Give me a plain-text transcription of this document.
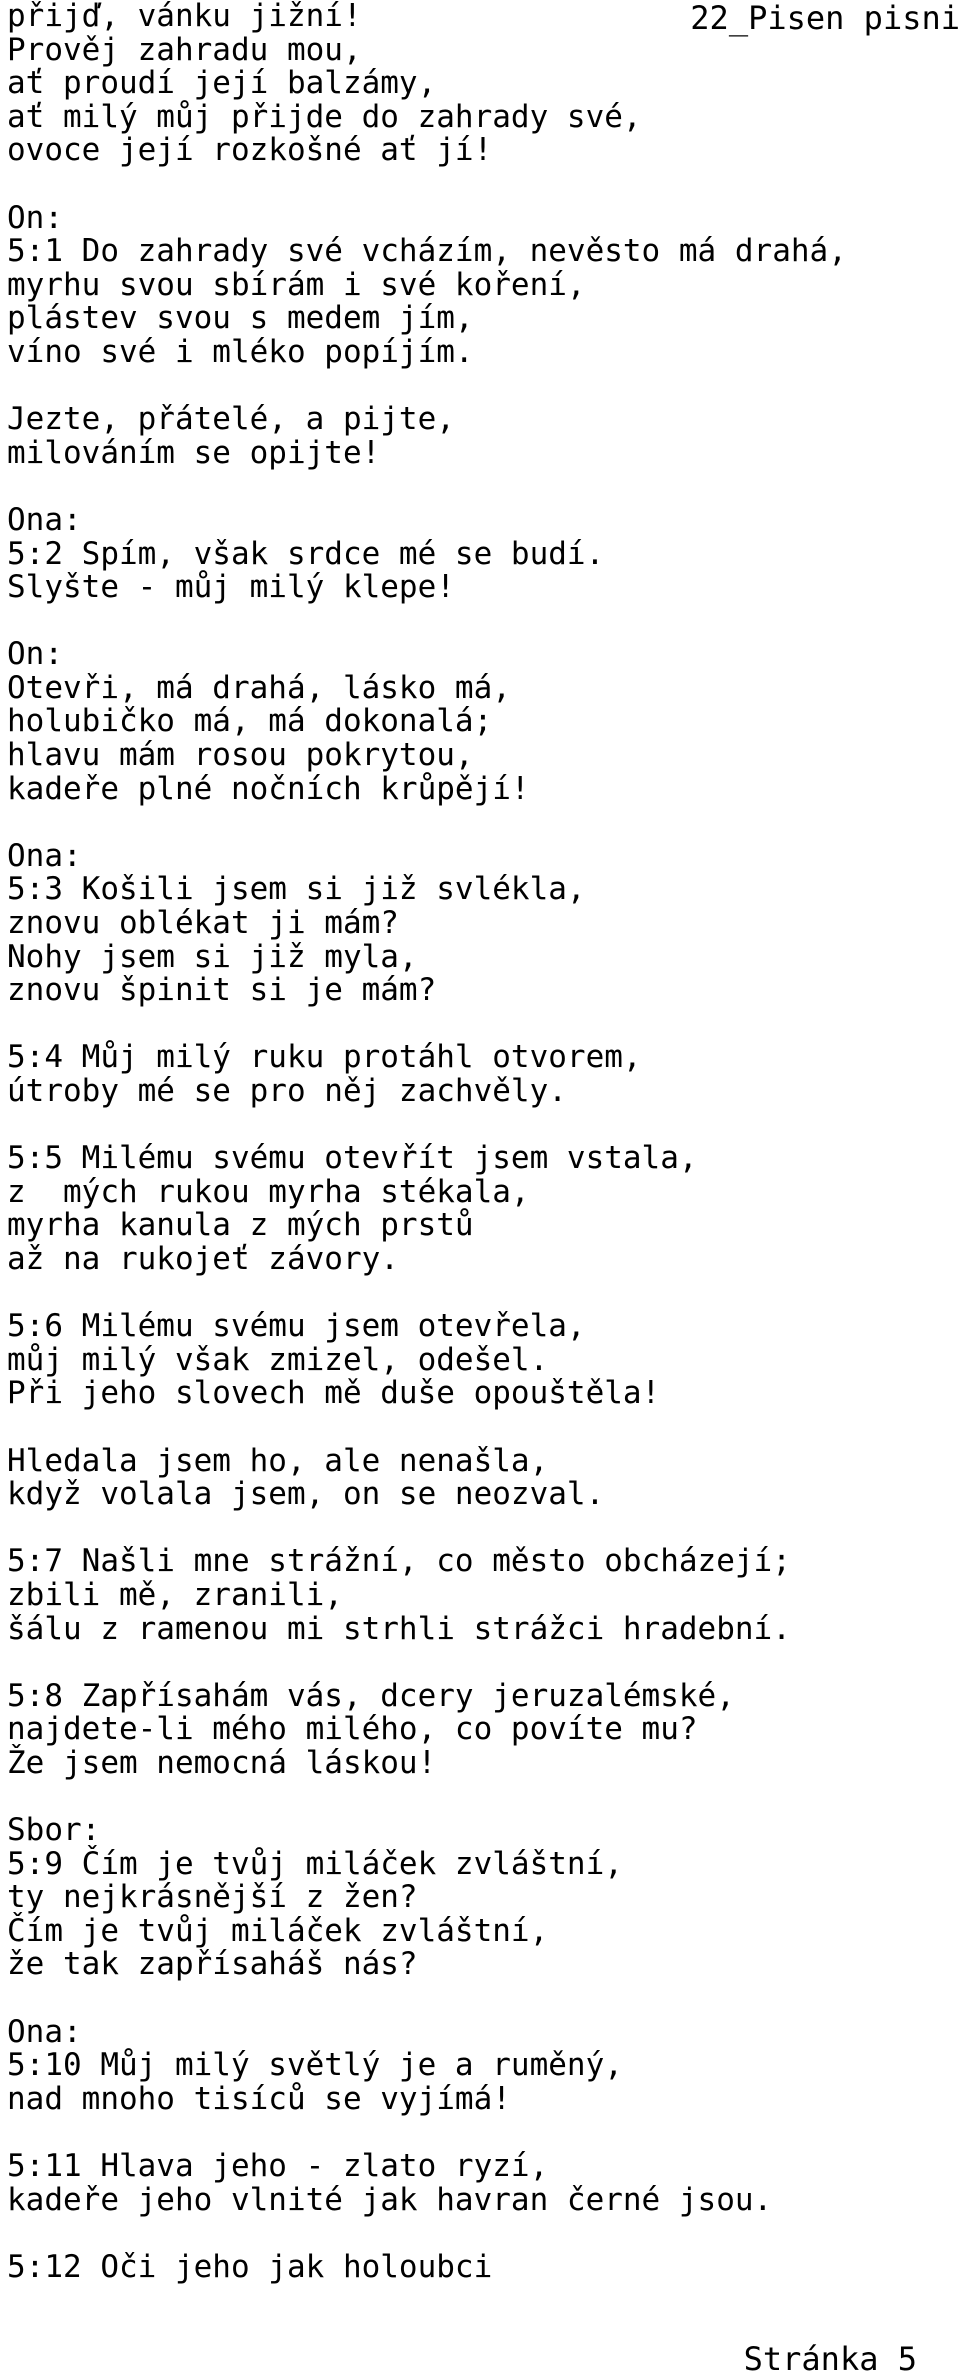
22_Pisen pisni
přijď, vánku jižní!
Prověj zahradu mou,
ať proudí její balzámy,
ať milý můj přijde do zahrady své,
ovoce její rozkošné ať jí!
On:
5:1 Do zahrady své vcházím, nevěsto má drahá,
myrhu svou sbírám i své koření,
plástev svou s medem jím,
víno své i mléko popíjím.
Jezte, přátelé, a pijte,
milováním se opijte!
Ona:
5:2 Spím, však srdce mé se budí.
Slyšte - můj milý klepe!
On:
Otevři, má drahá, lásko má,
holubičko má, má dokonalá;
hlavu mám rosou pokrytou,
kadeře plné nočních krůpějí!
Ona:
5:3 Košili jsem si již svlékla,
znovu oblékat ji mám?
Nohy jsem si již myla,
znovu špinit si je mám?
5:4 Můj milý ruku protáhl otvorem,
útroby mé se pro něj zachvěly.
5:5 Milému svému otevřít jsem vstala,
z  mých rukou myrha stékala,
myrha kanula z mých prstů
až na rukojeť závory.
5:6 Milému svému jsem otevřela,
můj milý však zmizel, odešel.
Při jeho slovech mě duše opouštěla!
Hledala jsem ho, ale nenašla,
když volala jsem, on se neozval.
5:7 Našli mne strážní, co město obcházejí;
zbili mě, zranili,
šálu z ramenou mi strhli strážci hradební.
5:8 Zapřísahám vás, dcery jeruzalémské,
najdete-li mého milého, co povíte mu?
Že jsem nemocná láskou!
Sbor:
5:9 Čím je tvůj miláček zvláštní,
ty nejkrásnější z žen?
Čím je tvůj miláček zvláštní,
že tak zapřísaháš nás?
Ona:
5:10 Můj milý světlý je a ruměný,
nad mnoho tisíců se vyjímá!
5:11 Hlava jeho - zlato ryzí,
kadeře jeho vlnité jak havran černé jsou.
5:12 Oči jeho jak holoubci
Stránka 5
